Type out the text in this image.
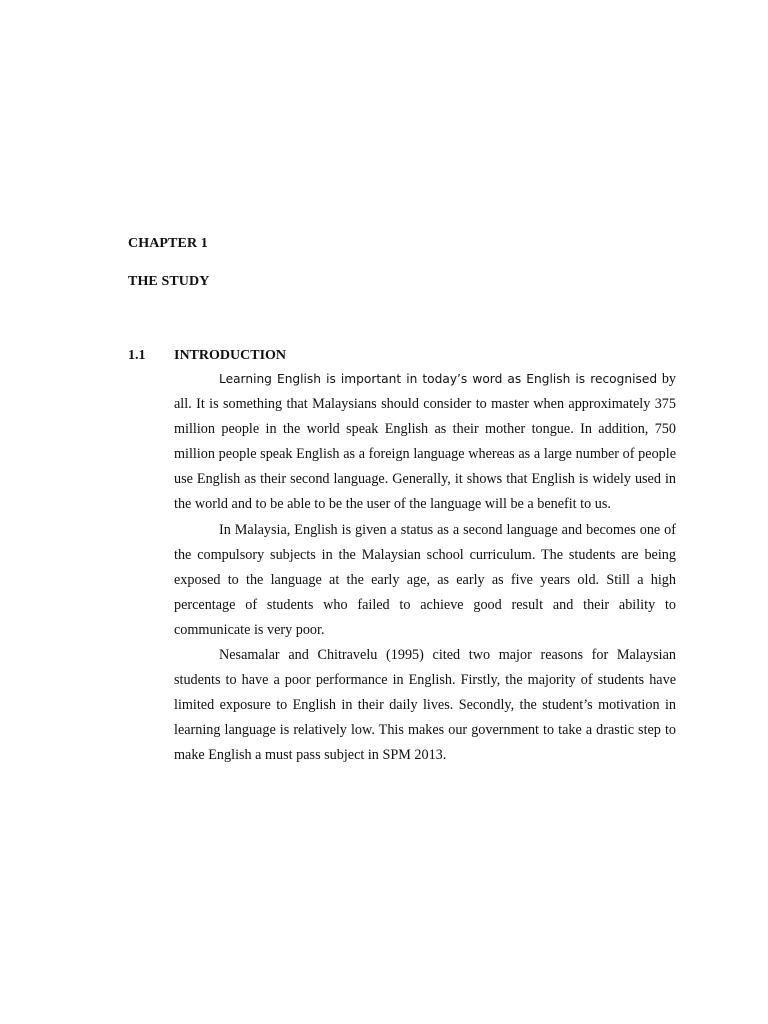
CHAPTER 1
THE STUDY
1.1 INTRODUCTION

Learning English is important in today’s word as English is recognised by all. It is something that Malaysians should consider to master when approximately 375 million people in the world speak English as their mother tongue. In addition, 750 million people speak English as a foreign language whereas as a large number of people use English as their second language. Generally, it shows that English is widely used in the world and to be able to be the user of the language will be a benefit to us.

In Malaysia, English is given a status as a second language and becomes one of the compulsory subjects in the Malaysian school curriculum. The students are being exposed to the language at the early age, as early as five years old. Still a high percentage of students who failed to achieve good result and their ability to communicate is very poor.

Nesamalar and Chitravelu (1995) cited two major reasons for Malaysian students to have a poor performance in English. Firstly, the majority of students have limited exposure to English in their daily lives. Secondly, the student’s motivation in learning language is relatively low. This makes our government to take a drastic step to make English a must pass subject in SPM 2013.
